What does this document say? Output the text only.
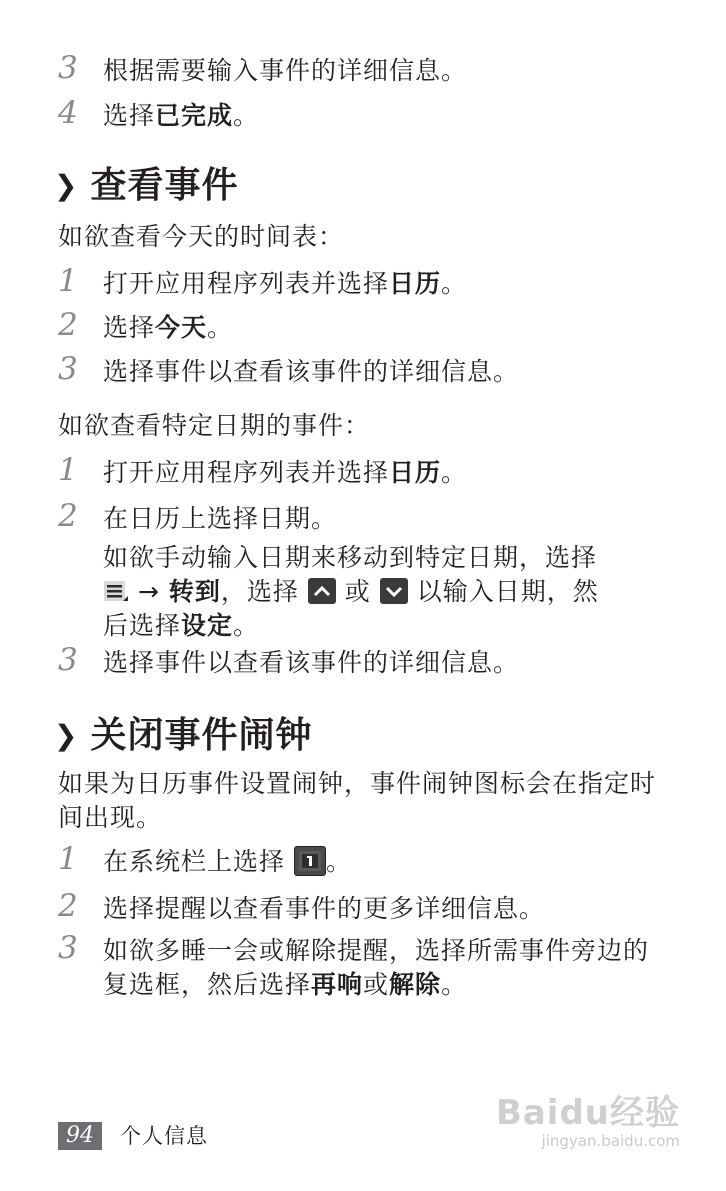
3	根据需要输入事件的详细信息。
4	选择已完成。
❯ 查看事件
如欲查看今天的时间表：
1	打开应用程序列表并选择日历。
2	选择今天。
3	选择事件以查看该事件的详细信息。
如欲查看特定日期的事件：
1	打开应用程序列表并选择日历。
2	在日历上选择日期。
如欲手动输入日期来移动到特定日期，选择
→ 转到，选择 或 以输入日期，然
后选择设定。
3	选择事件以查看该事件的详细信息。
❯ 关闭事件闹钟
如果为日历事件设置闹钟，事件闹钟图标会在指定时间出现。
1	在系统栏上选择 。
2	选择提醒以查看事件的更多详细信息。
3	如欲多睡一会或解除提醒，选择所需事件旁边的复选框，然后选择再响或解除。
94	个人信息
Baidu经验
jingyan.baidu.com
